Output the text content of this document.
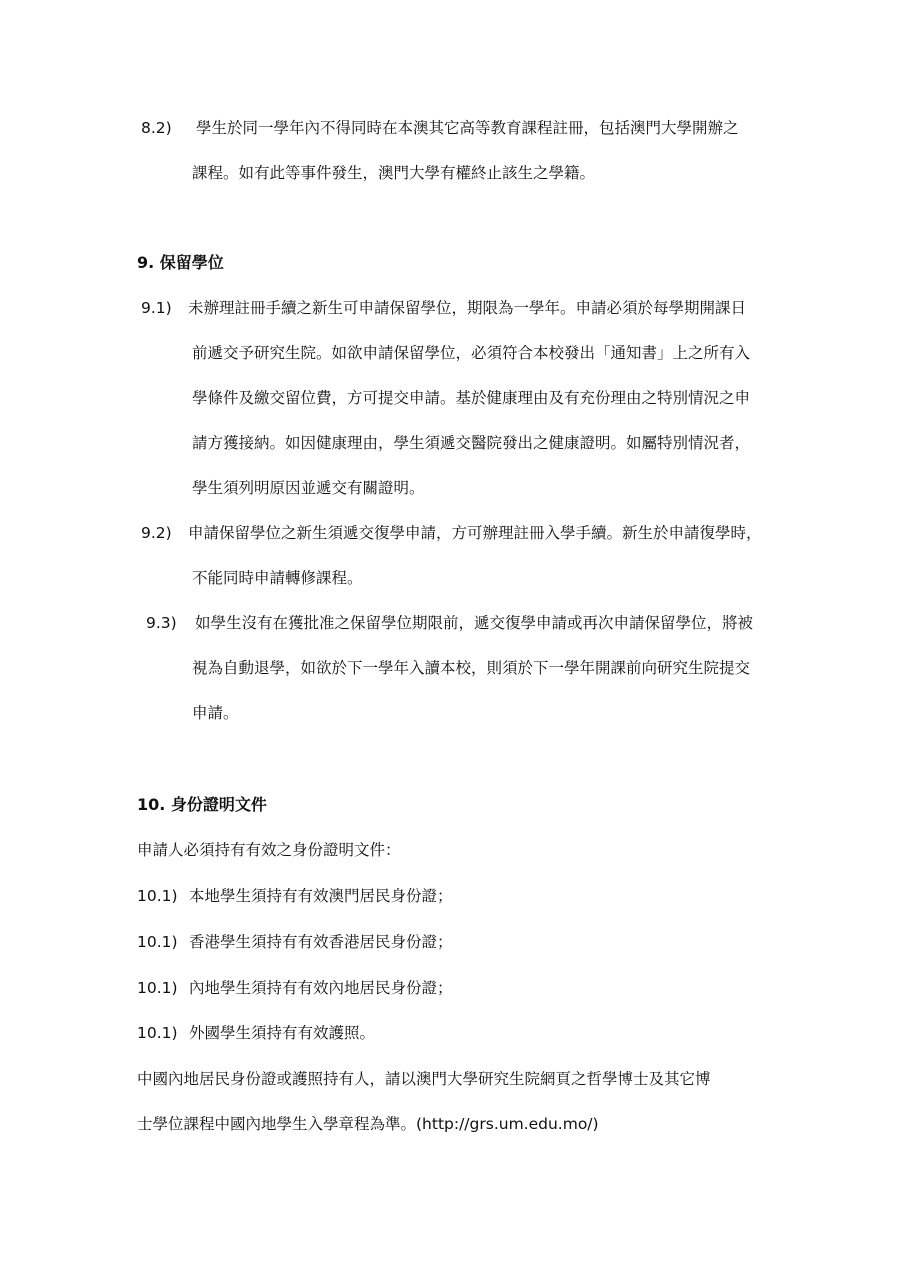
8.2) 學生於同一學年內不得同時在本澳其它高等教育課程註冊，包括澳門大學開辦之
課程。如有此等事件發生，澳門大學有權終止該生之學籍。
9. 保留學位
9.1) 未辦理註冊手續之新生可申請保留學位，期限為一學年。申請必須於每學期開課日
前遞交予研究生院。如欲申請保留學位，必須符合本校發出「通知書」上之所有入
學條件及繳交留位費，方可提交申請。基於健康理由及有充份理由之特別情況之申
請方獲接納。如因健康理由，學生須遞交醫院發出之健康證明。如屬特別情況者，
學生須列明原因並遞交有關證明。
9.2) 申請保留學位之新生須遞交復學申請，方可辦理註冊入學手續。新生於申請復學時，
不能同時申請轉修課程。
9.3) 如學生沒有在獲批准之保留學位期限前，遞交復學申請或再次申請保留學位，將被
視為自動退學，如欲於下一學年入讀本校，則須於下一學年開課前向研究生院提交
申請。
10. 身份證明文件
申請人必須持有有效之身份證明文件：
10.1) 本地學生須持有有效澳門居民身份證；
10.1) 香港學生須持有有效香港居民身份證；
10.1) 內地學生須持有有效內地居民身份證；
10.1) 外國學生須持有有效護照。
中國內地居民身份證或護照持有人，請以澳門大學研究生院網頁之哲學博士及其它博
士學位課程中國內地學生入學章程為準。(http://grs.um.edu.mo/)
